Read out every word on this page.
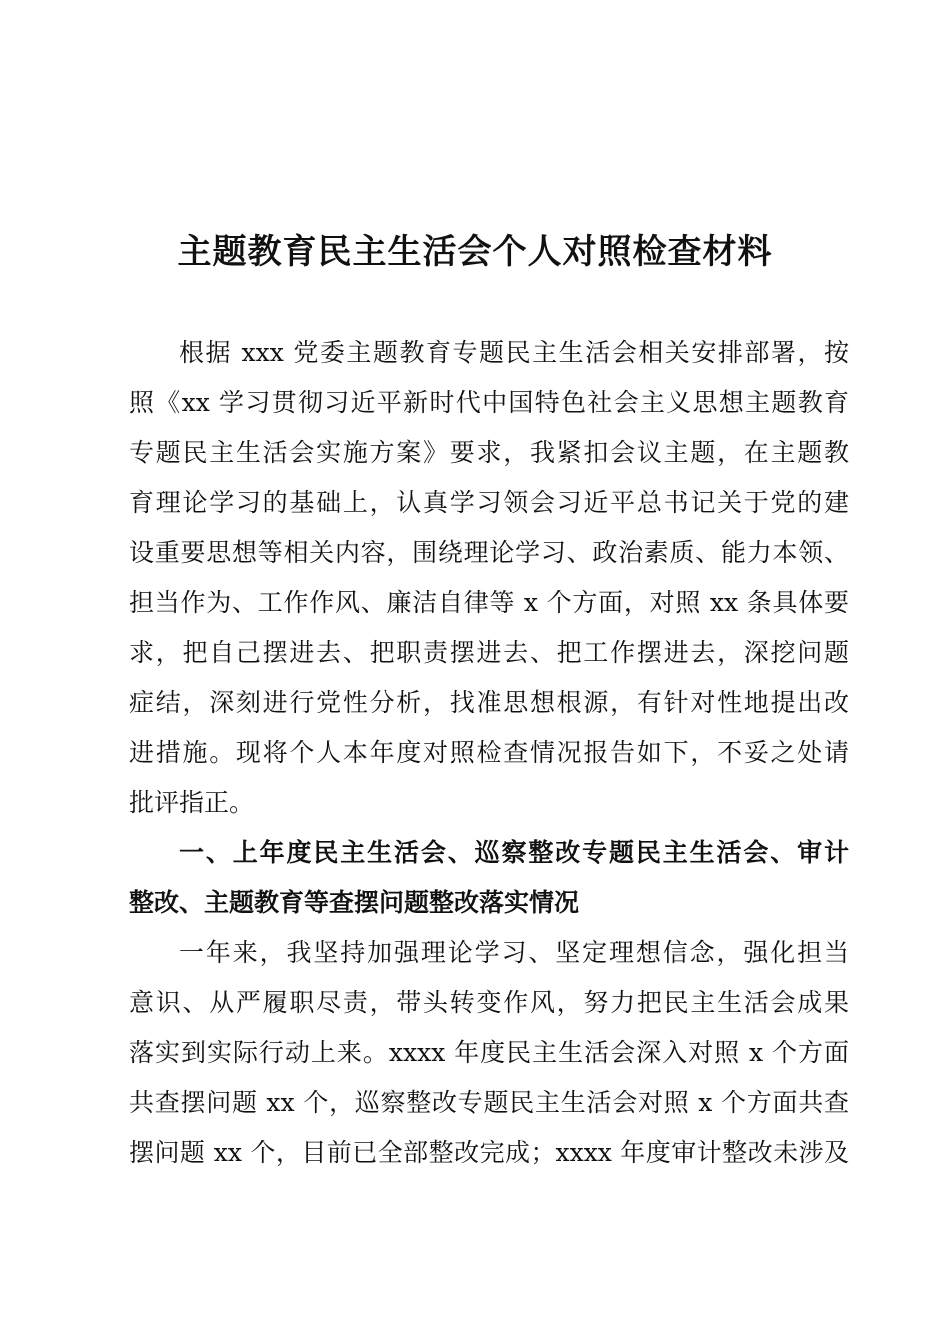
主题教育民主生活会个人对照检查材料
根据 xxx 党委主题教育专题民主生活会相关安排部署，按
照《xx 学习贯彻习近平新时代中国特色社会主义思想主题教育
专题民主生活会实施方案》要求，我紧扣会议主题，在主题教
育理论学习的基础上，认真学习领会习近平总书记关于党的建
设重要思想等相关内容，围绕理论学习、政治素质、能力本领、
担当作为、工作作风、廉洁自律等 x 个方面，对照 xx 条具体要
求，把自己摆进去、把职责摆进去、把工作摆进去，深挖问题
症结，深刻进行党性分析，找准思想根源，有针对性地提出改
进措施。现将个人本年度对照检查情况报告如下，不妥之处请
批评指正。
一、上年度民主生活会、巡察整改专题民主生活会、审计
整改、主题教育等查摆问题整改落实情况
一年来，我坚持加强理论学习、坚定理想信念，强化担当
意识、从严履职尽责，带头转变作风，努力把民主生活会成果
落实到实际行动上来。xxxx 年度民主生活会深入对照 x 个方面
共查摆问题 xx 个，巡察整改专题民主生活会对照 x 个方面共查
摆问题 xx 个，目前已全部整改完成；xxxx 年度审计整改未涉及
